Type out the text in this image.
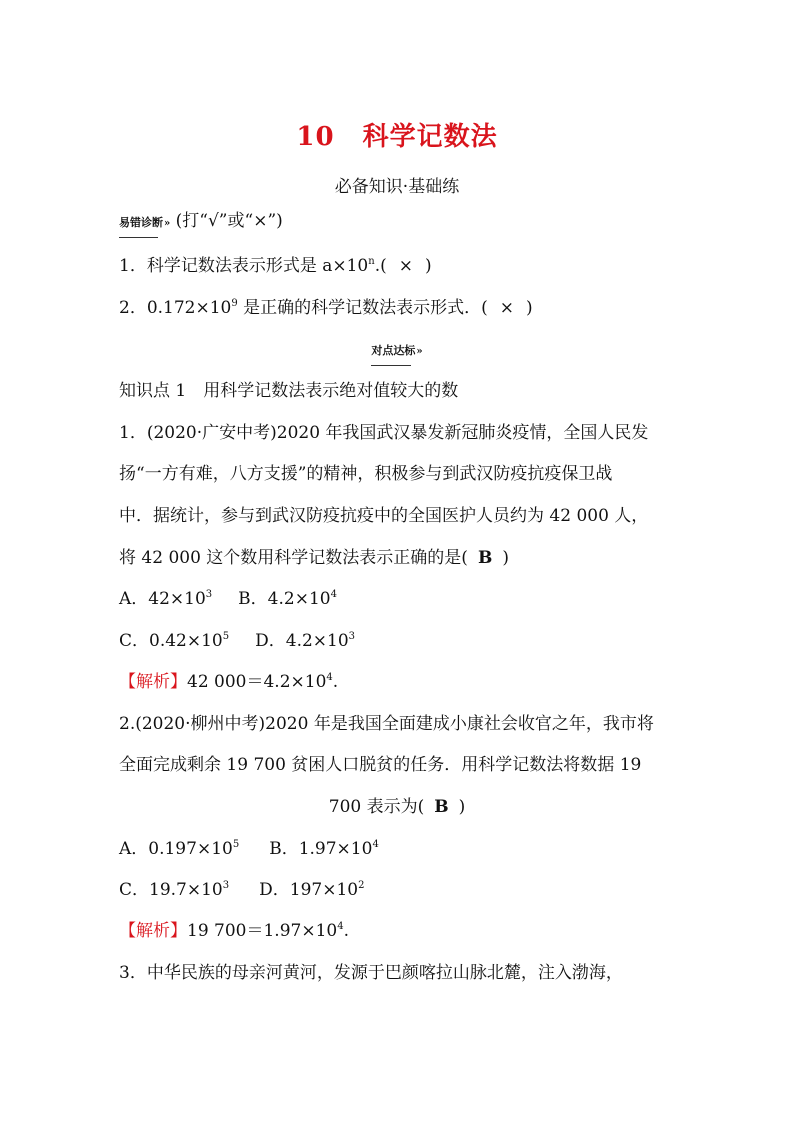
10 科学记数法
必备知识·基础练
易错诊断» (打“√”或“×”)
1．科学记数法表示形式是 $a\times 10^n$.( × )
2．$0.172\times 10^9$ 是正确的科学记数法表示形式．( × )
对点达标»
知识点 1　用科学记数法表示绝对值较大的数
1．(2020·广安中考)2020 年我国武汉暴发新冠肺炎疫情，全国人民发
扬“一方有难，八方支援”的精神，积极参与到武汉防疫抗疫保卫战
中．据统计，参与到武汉防疫抗疫中的全国医护人员约为 42 000 人，
将 42 000 这个数用科学记数法表示正确的是( B )
A．$42\times 10^3$ B．$4.2\times 10^4$
C．$0.42\times 10^5$ D．$4.2\times 10^3$
【解析】42 $000=4.2\times 10^4$.
2.(2020·柳州中考)2020 年是我国全面建成小康社会收官之年，我市将
全面完成剩余 19 700 贫困人口脱贫的任务．用科学记数法将数据 19
700 表示为( B )
A．$0.197\times 10^5$ B．$1.97\times 10^4$
C．$19.7\times 10^3$ D．$197\times 10^2$
【解析】19 $700=1.97\times 10^4$.
3．中华民族的母亲河黄河，发源于巴颜喀拉山脉北麓，注入渤海，
